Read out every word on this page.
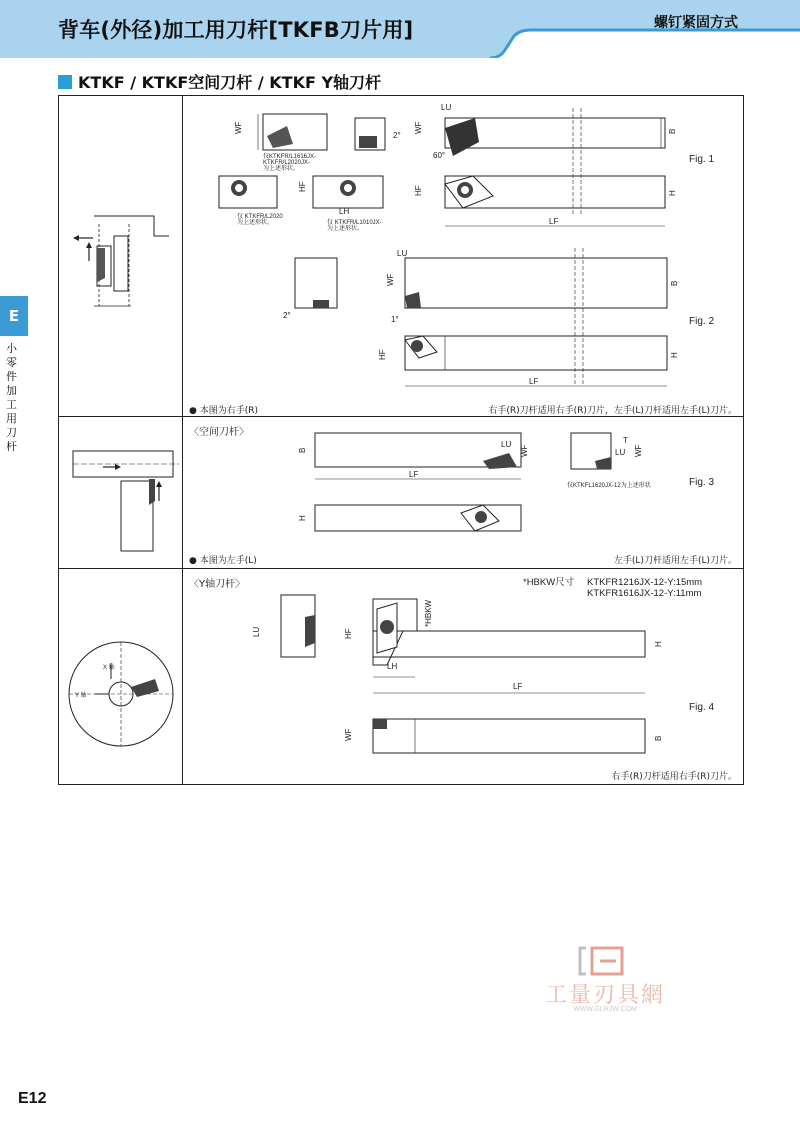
背车(外径)加工用刀杆[TKFB刀片用]	螺钉紧固方式
KTKF / KTKF空间刀杆 / KTKF Y轴刀杆
E
小零件加工用刀杆
WF
2°
LU
WF
60°
B
HF
LH
HF	H
LF
LU
WF
2°	1°
B
HF	H
LF
仅KTKFR/L1616JX-
KTKFR/L2020JX-
为上述形状。
仅 KTKFR/L2020
为上述形状。	仅 KTKFR/L1010JX-
为上述形状。
Fig. 1
Fig. 2
● 本图为右手(R)	右手(R)刀杆适用右手(R)刀片，左手(L)刀杆适用左手(L)刀片。
〈空间刀杆〉
B
LF
H
LU
WF	LU WF
T
仅KTKFL1620JX-12为上述形状	Fig. 3
● 本图为左手(L)	左手(L)刀杆适用左手(L)刀片。
X 轴
Y 轴
〈Y轴刀杆〉
LU	HF
*HBKW
LH
LF
H
WF	B
*HBKW尺寸 KTKFR1216JX-12-Y:15mm
KTKFR1616JX-12-Y:11mm
Fig. 4
右手(R)刀杆适用右手(R)刀片。
工量刃具網
WWW.GLRJW.COM
E12
